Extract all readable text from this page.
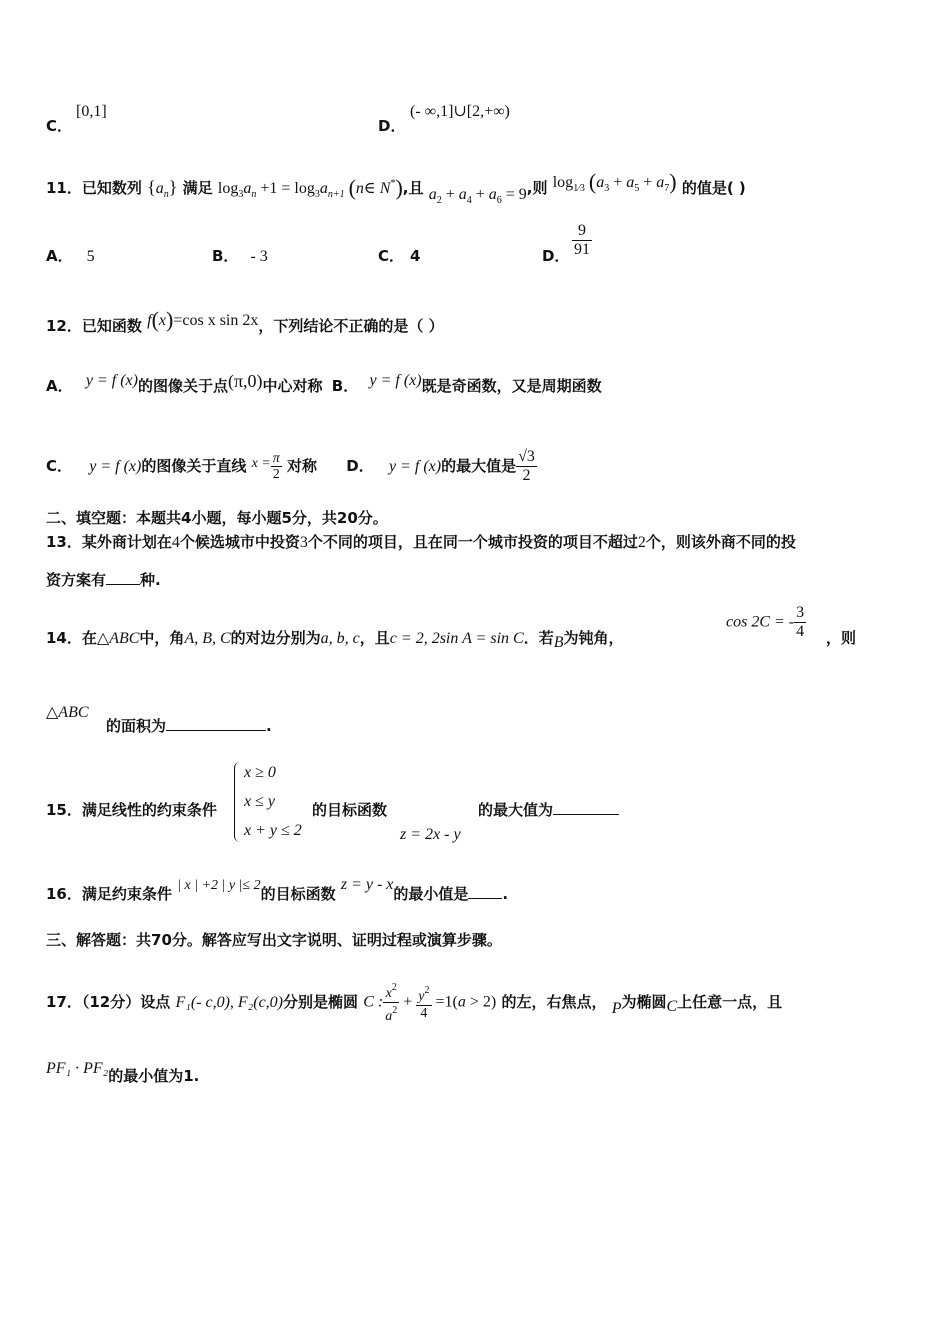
C．
[0,1]
D．
(- ∞,1]∪[2,+∞)
11．已知数列 $\{a_n\}$ 满足 $\log_3a_n +1 = \log_3a_{n+1}$ (n∈ N*),且 $a_2 + a_4 + a_6 = 9$,则 $\log_{1⁄3} (a_3 + a_5 + a_7)$ 的值是( )
A． 5	B． - 3	C． 4	D． $\frac{9}{91}$
12．已知函数 f(x)=cos x sin 2x，下列结论不正确的是（ ）
A． y = f (x)的图像关于点(π,0)中心对称 B． y = f (x)既是奇函数，又是周期函数
C． y = f (x)的图像关于直线 $x = \frac{\pi}{2}$ 对称 D． y = f (x)的最大值是 $\frac{√3}{2}$
二、填空题：本题共4小题，每小题5分，共20分。
13．某外商计划在4个候选城市中投资3个不同的项目，且在同一个城市投资的项目不超过2个，则该外商不同的投
资方案有 种.
14．在△ABC中，角A, B, C的对边分别为a, b, c，且c = 2, 2sin A = sin C．若B为钝角，
cos 2C = - $\frac{3}{4}$ ，则
△ABC
的面积为	.
15．满足线性的约束条件
x ≥ 0
x ≤ y
x + y ≤ 2
的目标函数
z = 2x - y
的最大值为
16．满足约束条件 | x | +2 | y |≤ 2的目标函数 z = y - x的最小值是 .
三、解答题：共70分。解答应写出文字说明、证明过程或演算步骤。
17．（12分）设点 F₁(- c,0), F₂(c,0)分别是椭圆 C : $\frac{x^2}{a^2} + \frac{y^2}{4} =1(a > 2)$ 的左，右焦点， P为椭圆C上任意一点，且
PF₁ · PF₂的最小值为1.
